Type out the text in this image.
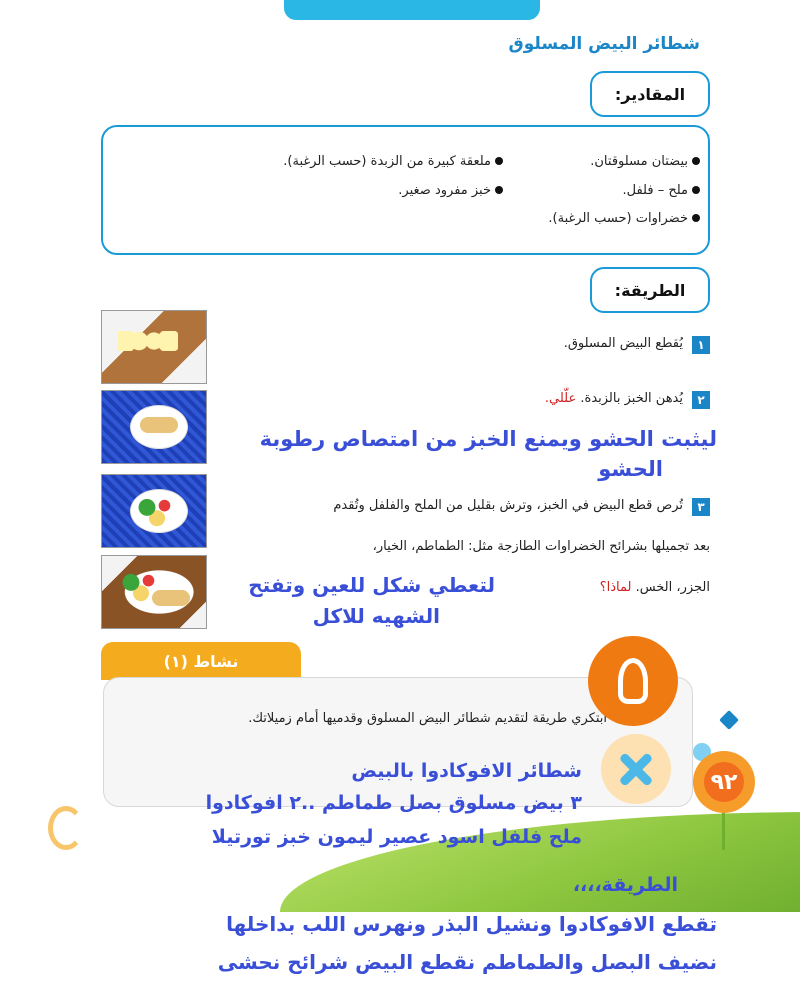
شطائر البيض المسلوق
المقادير:
بيضتان مسلوقتان.
ملعقة كبيرة من الزبدة (حسب الرغبة).
ملح – فلفل.
خبز مفرود صغير.
خضراوات (حسب الرغبة).
الطريقة:
١
يُقطع البيض المسلوق.
٢
يُدهن الخبز بالزبدة. علّلي.
ليثبت الحشو ويمنع الخبز من امتصاص رطوبة
الحشو
٣
تُرص قطع البيض في الخبز، وترش بقليل من الملح والفلفل وتُقدم
بعد تجميلها بشرائح الخضراوات الطازجة مثل: الطماطم، الخيار،
الجزر، الخس. لماذا؟
لتعطي شكل للعين وتفتح
الشهيه للاكل
نشاط (١)
ابتكري طريقة لتقديم شطائر البيض المسلوق وقدميها أمام زميلاتك.
٩٢
شطائر الافوكادوا بالبيض
٣ بيض مسلوق بصل طماطم ..٢ افوكادوا
ملح فلفل اسود عصير ليمون خبز تورتيلا
الطريقة،،،،
تقطع الافوكادوا ونشيل البذر ونهرس اللب بداخلها
نضيف البصل والطماطم نقطع البيض شرائح نحشى
